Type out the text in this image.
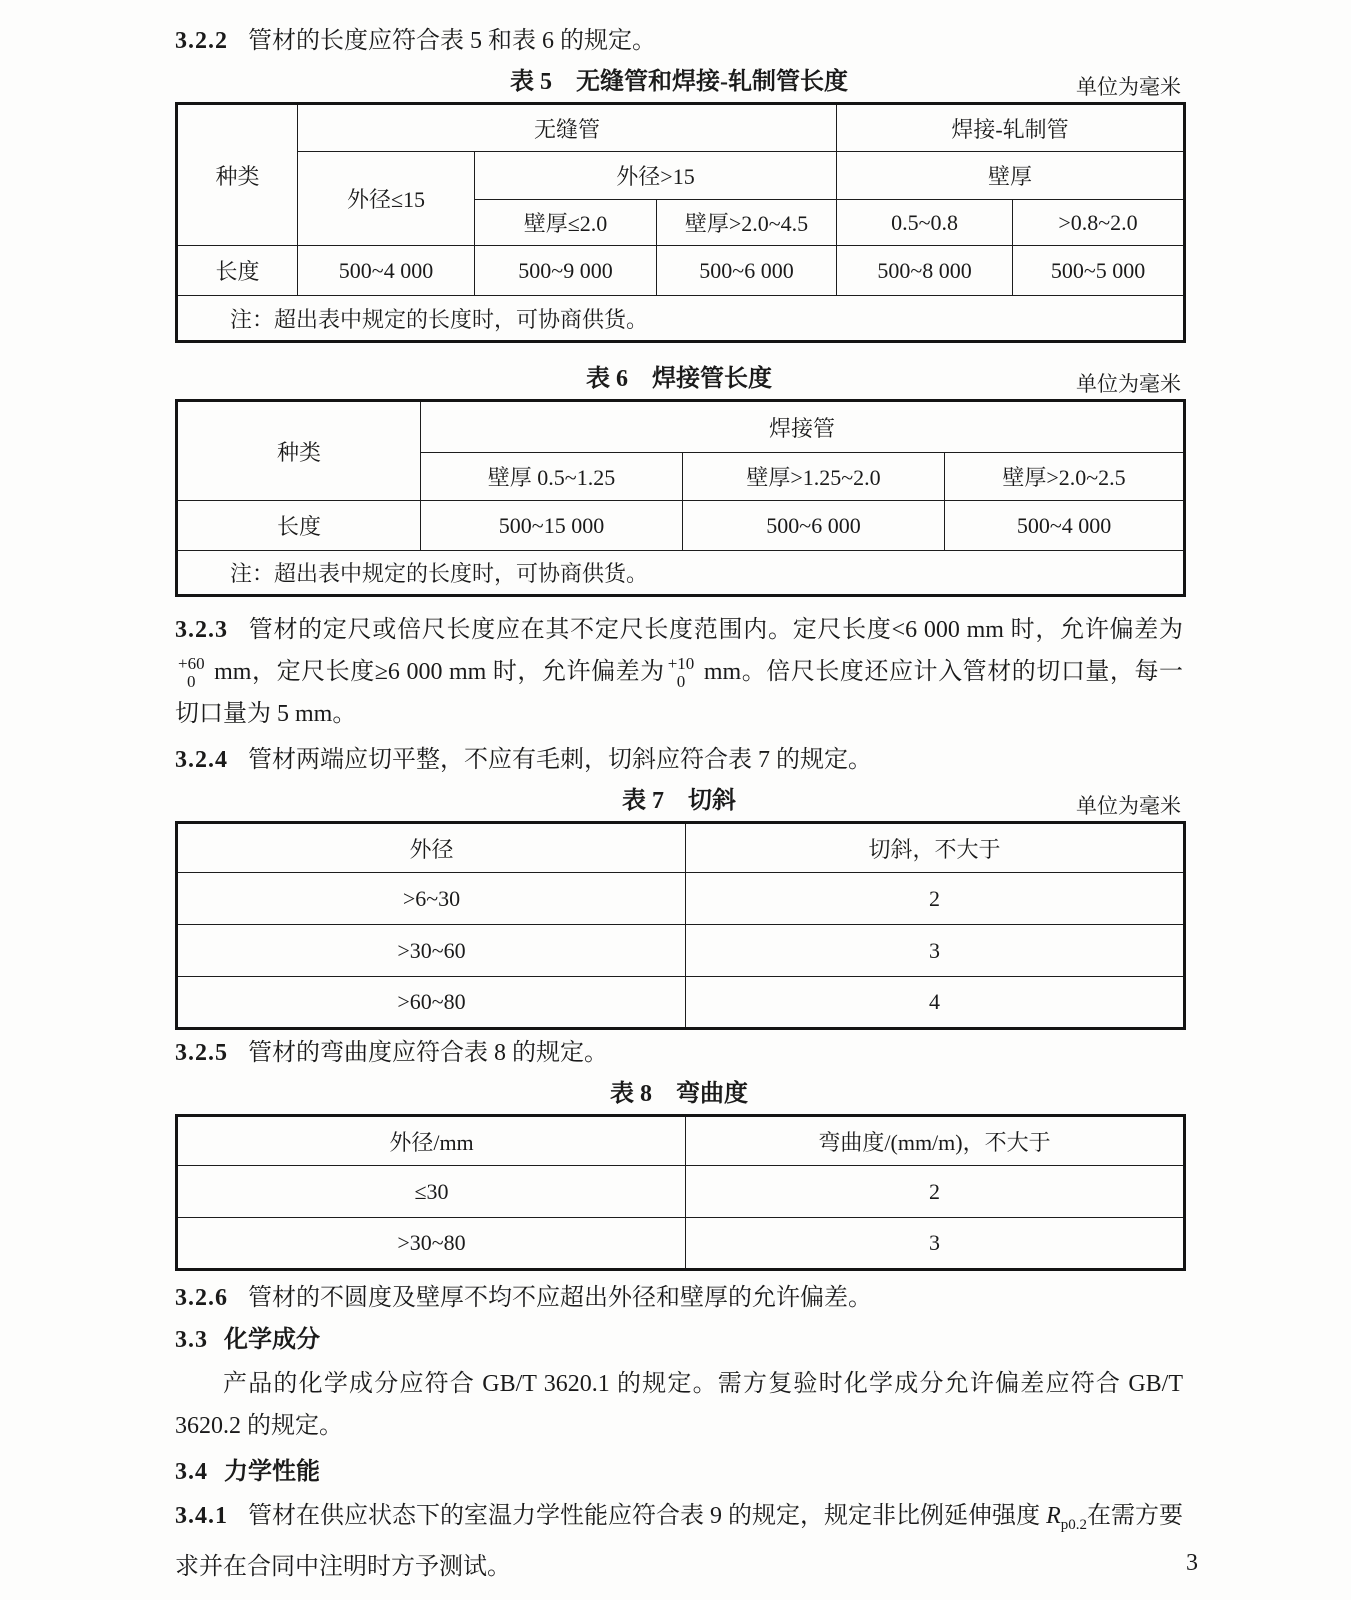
3.2.2 管材的长度应符合表 5 和表 6 的规定。

表 5　无缝管和焊接-轧制管长度	单位为毫米
种类	无缝管			焊接-轧制管	
	外径≤15	外径>15		壁厚	
		壁厚≤2.0	壁厚>2.0~4.5	0.5~0.8	>0.8~2.0
长度	500~4 000	500~9 000	500~6 000	500~8 000	500~5 000
注：超出表中规定的长度时，可协商供货。					
表 6　焊接管长度	单位为毫米
种类	焊接管		
	壁厚 0.5~1.25	壁厚>1.25~2.0	壁厚>2.0~2.5
长度	500~15 000	500~6 000	500~4 000
注：超出表中规定的长度时，可协商供货。			

3.2.3 管材的定尺或倍尺长度应在其不定尺长度范围内。定尺长度<6 000 mm 时，允许偏差为
+60
0 mm，定尺长度≥6 000 mm 时，允许偏差为 +10
0 mm。倍尺长度还应计入管材的切口量，每一切口量为 5 mm。

3.2.4 管材两端应切平整，不应有毛刺，切斜应符合表 7 的规定。

表 7　切斜	单位为毫米
外径	切斜，不大于
>6~30	2
>30~60	3
>60~80	4

3.2.5 管材的弯曲度应符合表 8 的规定。

表 8　弯曲度
外径/mm	弯曲度/(mm/m)，不大于
≤30	2
>30~80	3

3.2.6 管材的不圆度及壁厚不均不应超出外径和壁厚的允许偏差。

3.3 化学成分

产品的化学成分应符合 GB/T 3620.1 的规定。需方复验时化学成分允许偏差应符合 GB/T 3620.2 的规定。

3.4 力学性能

3.4.1 管材在供应状态下的室温力学性能应符合表 9 的规定，规定非比例延伸强度 $R_{p0.2}$在需方要求并在合同中注明时方予测试。	3
